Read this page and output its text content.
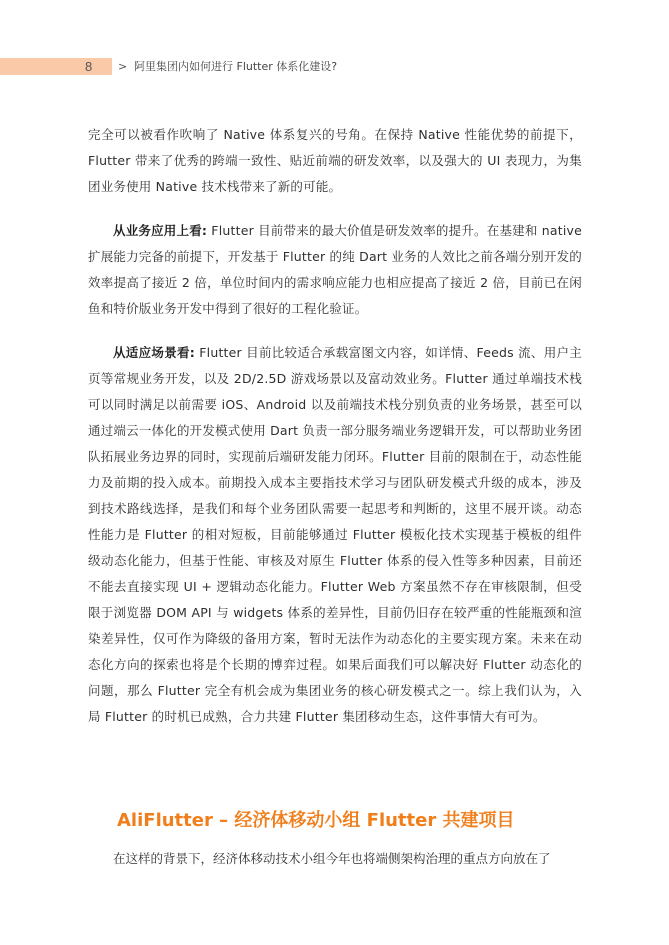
8 > 阿里集团内如何进行 Flutter 体系化建设?

完全可以被看作吹响了 Native 体系复兴的号角。在保持 Native 性能优势的前提下，Flutter 带来了优秀的跨端一致性、贴近前端的研发效率，以及强大的 UI 表现力，为集团业务使用 Native 技术栈带来了新的可能。

从业务应用上看: Flutter 目前带来的最大价值是研发效率的提升。在基建和 native 扩展能力完备的前提下，开发基于 Flutter 的纯 Dart 业务的人效比之前各端分别开发的效率提高了接近 2 倍，单位时间内的需求响应能力也相应提高了接近 2 倍，目前已在闲鱼和特价版业务开发中得到了很好的工程化验证。

从适应场景看: Flutter 目前比较适合承载富图文内容，如详情、Feeds 流、用户主页等常规业务开发，以及 2D/2.5D 游戏场景以及富动效业务。Flutter 通过单端技术栈可以同时满足以前需要 iOS、Android 以及前端技术栈分别负责的业务场景，甚至可以通过端云一体化的开发模式使用 Dart 负责一部分服务端业务逻辑开发，可以帮助业务团队拓展业务边界的同时，实现前后端研发能力闭环。Flutter 目前的限制在于，动态性能力及前期的投入成本。前期投入成本主要指技术学习与团队研发模式升级的成本，涉及到技术路线选择，是我们和每个业务团队需要一起思考和判断的，这里不展开谈。动态性能力是 Flutter 的相对短板，目前能够通过 Flutter 模板化技术实现基于模板的组件级动态化能力，但基于性能、审核及对原生 Flutter 体系的侵入性等多种因素，目前还不能去直接实现 UI + 逻辑动态化能力。Flutter Web 方案虽然不存在审核限制，但受限于浏览器 DOM API 与 widgets 体系的差异性，目前仍旧存在较严重的性能瓶颈和渲染差异性，仅可作为降级的备用方案，暂时无法作为动态化的主要实现方案。未来在动态化方向的探索也将是个长期的博弈过程。如果后面我们可以解决好 Flutter 动态化的问题，那么 Flutter 完全有机会成为集团业务的核心研发模式之一。综上我们认为，入局 Flutter 的时机已成熟，合力共建 Flutter 集团移动生态，这件事情大有可为。

AliFlutter – 经济体移动小组 Flutter 共建项目

在这样的背景下，经济体移动技术小组今年也将端侧架构治理的重点方向放在了
